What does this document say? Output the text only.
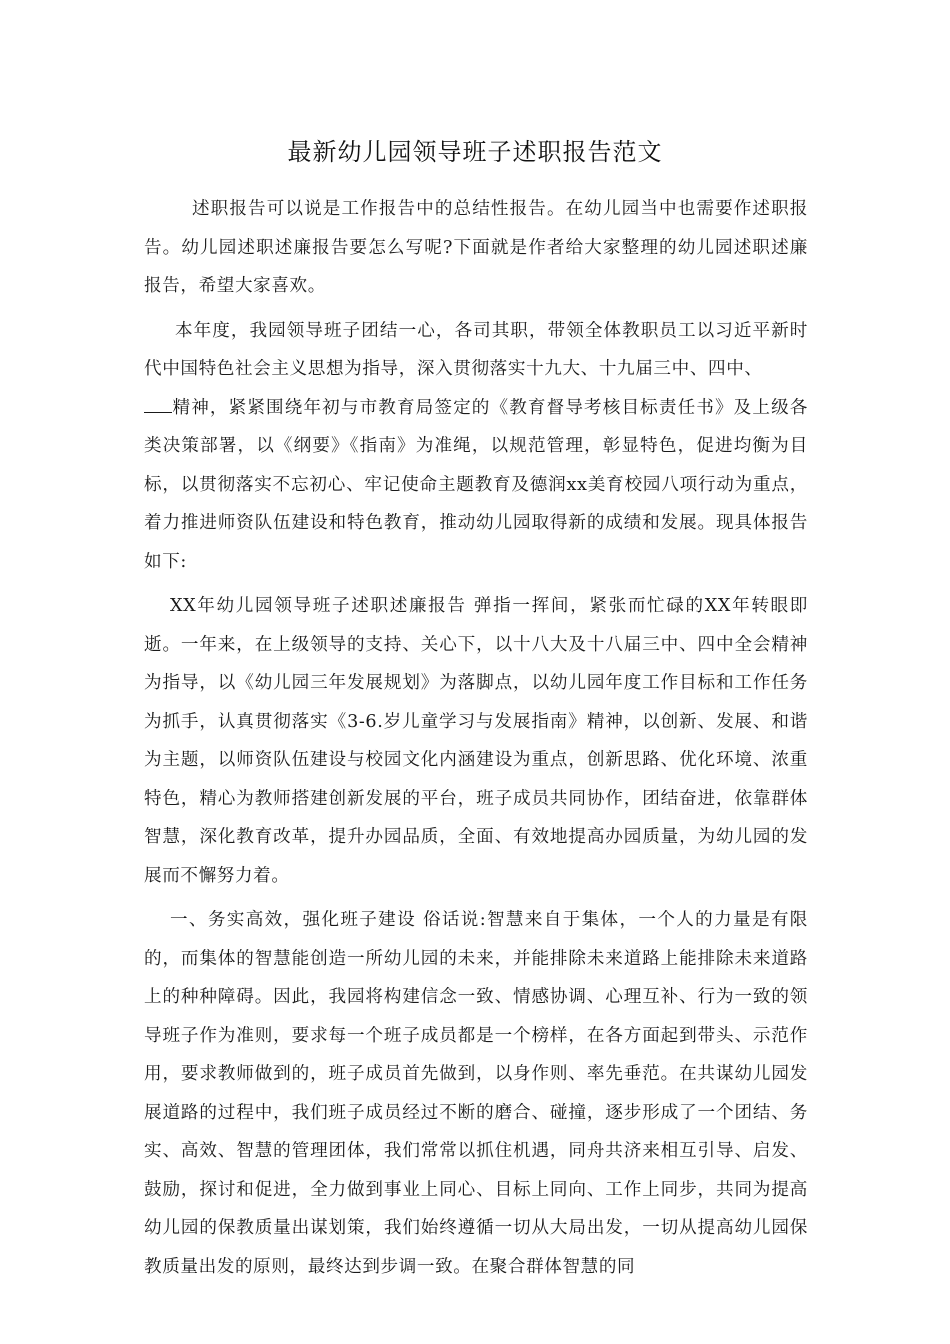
最新幼儿园领导班子述职报告范文

述职报告可以说是工作报告中的总结性报告。在幼儿园当中也需要作述职报告。幼儿园述职述廉报告要怎么写呢?下面就是作者给大家整理的幼儿园述职述廉报告，希望大家喜欢。

本年度，我园领导班子团结一心，各司其职，带领全体教职员工以习近平新时代中国特色社会主义思想为指导，深入贯彻落实十九大、十九届三中、四中、
精神，紧紧围绕年初与市教育局签定的《教育督导考核目标责任书》及上级各类决策部署，以《纲要》《指南》为准绳，以规范管理，彰显特色，促进均衡为目标，以贯彻落实不忘初心、牢记使命主题教育及德润xx美育校园八项行动为重点，着力推进师资队伍建设和特色教育，推动幼儿园取得新的成绩和发展。现具体报告如下:

XX年幼儿园领导班子述职述廉报告 弹指一挥间，紧张而忙碌的XX年转眼即逝。一年来，在上级领导的支持、关心下，以十八大及十八届三中、四中全会精神为指导，以《幼儿园三年发展规划》为落脚点，以幼儿园年度工作目标和工作任务为抓手，认真贯彻落实《3-6.岁儿童学习与发展指南》精神，以创新、发展、和谐为主题，以师资队伍建设与校园文化内涵建设为重点，创新思路、优化环境、浓重特色，精心为教师搭建创新发展的平台，班子成员共同协作，团结奋进，依靠群体智慧，深化教育改革，提升办园品质，全面、有效地提高办园质量，为幼儿园的发展而不懈努力着。

一、务实高效，强化班子建设 俗话说:智慧来自于集体，一个人的力量是有限的，而集体的智慧能创造一所幼儿园的未来，并能排除未来道路上能排除未来道路上的种种障碍。因此，我园将构建信念一致、情感协调、心理互补、行为一致的领导班子作为准则，要求每一个班子成员都是一个榜样，在各方面起到带头、示范作用，要求教师做到的，班子成员首先做到，以身作则、率先垂范。在共谋幼儿园发展道路的过程中，我们班子成员经过不断的磨合、碰撞，逐步形成了一个团结、务实、高效、智慧的管理团体，我们常常以抓住机遇，同舟共济来相互引导、启发、鼓励，探讨和促进，全力做到事业上同心、目标上同向、工作上同步，共同为提高幼儿园的保教质量出谋划策，我们始终遵循一切从大局出发，一切从提高幼儿园保教质量出发的原则，最终达到步调一致。在聚合群体智慧的同
